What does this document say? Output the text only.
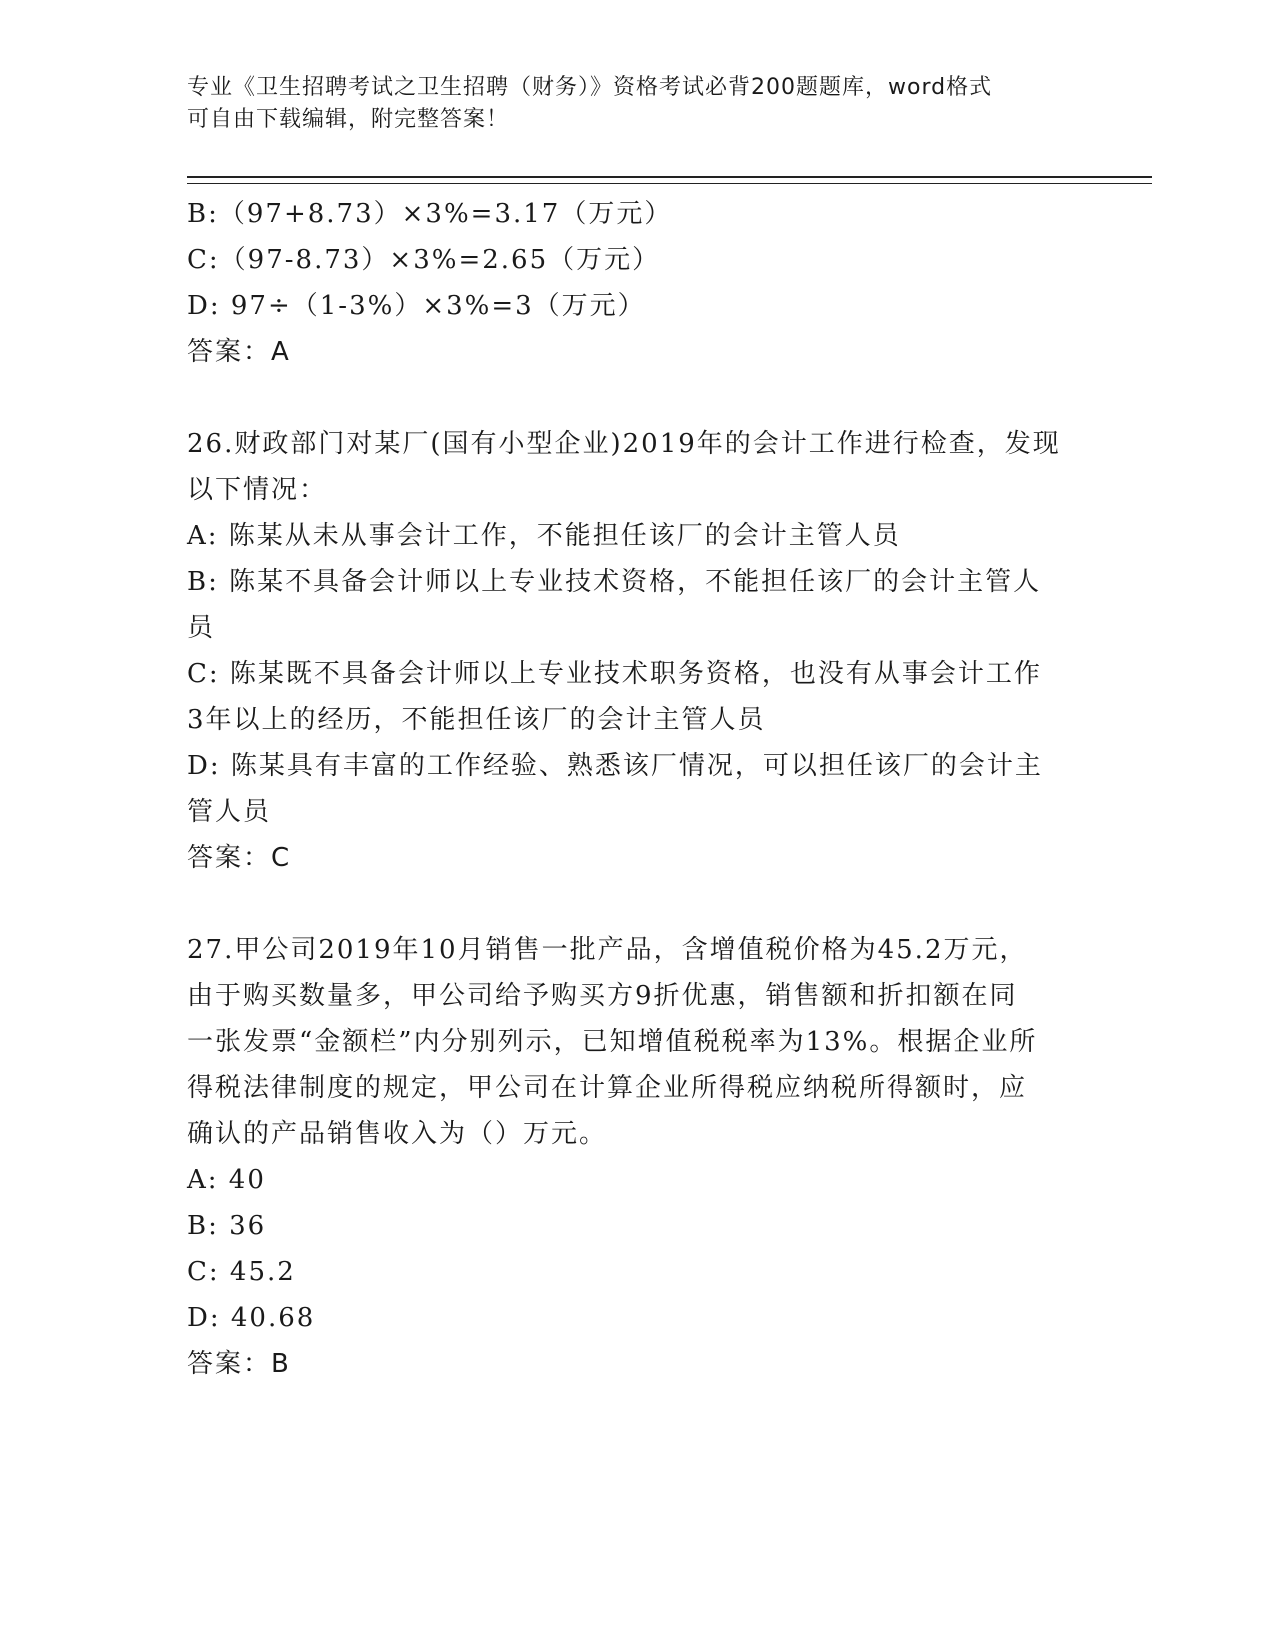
专业《卫生招聘考试之卫生招聘（财务）》资格考试必背200题题库，word格式
可自由下载编辑，附完整答案！
B:（97+8.73）×3%=3.17（万元）
C:（97-8.73）×3%=2.65（万元）
D: 97÷（1-3%）×3%=3（万元）
答案：A
26.财政部门对某厂(国有小型企业)2019年的会计工作进行检查，发现
以下情况：
A: 陈某从未从事会计工作，不能担任该厂的会计主管人员
B: 陈某不具备会计师以上专业技术资格，不能担任该厂的会计主管人
员
C: 陈某既不具备会计师以上专业技术职务资格，也没有从事会计工作
3年以上的经历，不能担任该厂的会计主管人员
D: 陈某具有丰富的工作经验、熟悉该厂情况，可以担任该厂的会计主
管人员
答案：C
27.甲公司2019年10月销售一批产品，含增值税价格为45.2万元，
由于购买数量多，甲公司给予购买方9折优惠，销售额和折扣额在同
一张发票“金额栏”内分别列示，已知增值税税率为13%。根据企业所
得税法律制度的规定，甲公司在计算企业所得税应纳税所得额时，应
确认的产品销售收入为（）万元。
A: 40
B: 36
C: 45.2
D: 40.68
答案：B
